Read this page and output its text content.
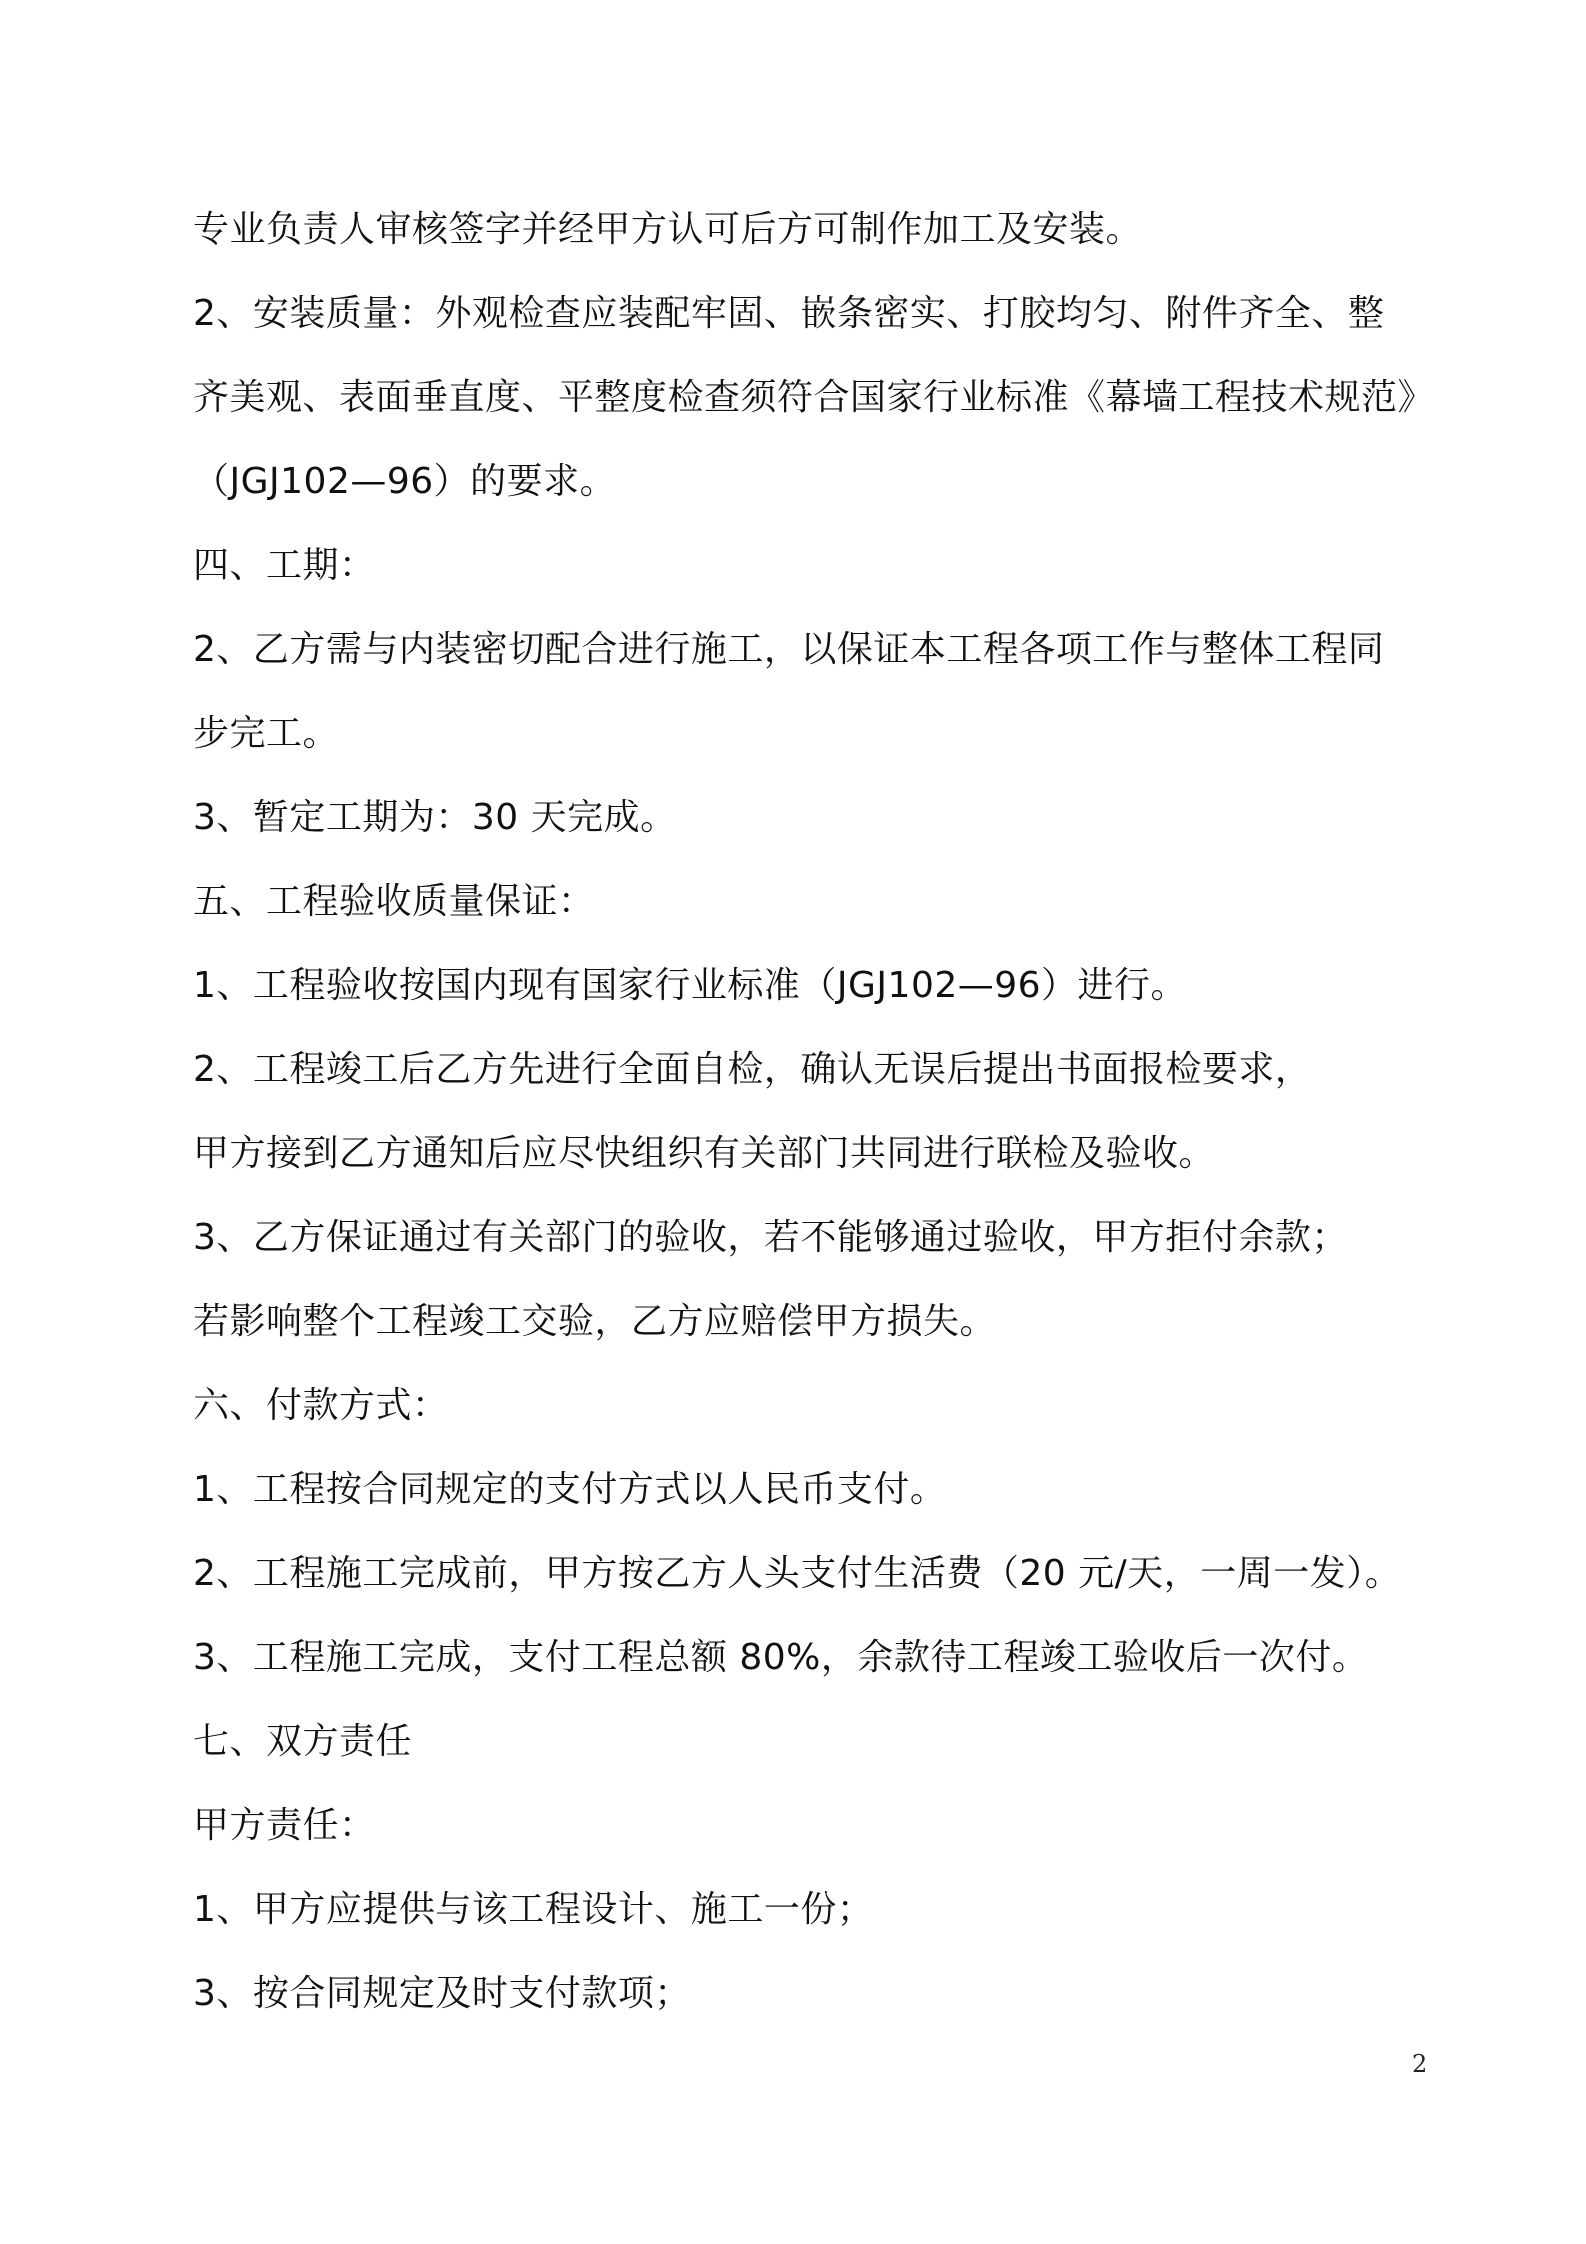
专业负责人审核签字并经甲方认可后方可制作加工及安装。
2、安装质量：外观检查应装配牢固、嵌条密实、打胶均匀、附件齐全、整
齐美观、表面垂直度、平整度检查须符合国家行业标准《幕墙工程技术规范》
（JGJ102—96）的要求。
四、工期：
2、乙方需与内装密切配合进行施工，以保证本工程各项工作与整体工程同
步完工。
3、暂定工期为：30 天完成。
五、工程验收质量保证：
1、工程验收按国内现有国家行业标准（JGJ102—96）进行。
2、工程竣工后乙方先进行全面自检，确认无误后提出书面报检要求，
甲方接到乙方通知后应尽快组织有关部门共同进行联检及验收。
3、乙方保证通过有关部门的验收，若不能够通过验收，甲方拒付余款；
若影响整个工程竣工交验，乙方应赔偿甲方损失。
六、付款方式：
1、工程按合同规定的支付方式以人民币支付。
2、工程施工完成前，甲方按乙方人头支付生活费（20 元/天，一周一发）。
3、工程施工完成，支付工程总额 80%，余款待工程竣工验收后一次付。
七、双方责任
甲方责任：
1、甲方应提供与该工程设计、施工一份；
3、按合同规定及时支付款项；
2
